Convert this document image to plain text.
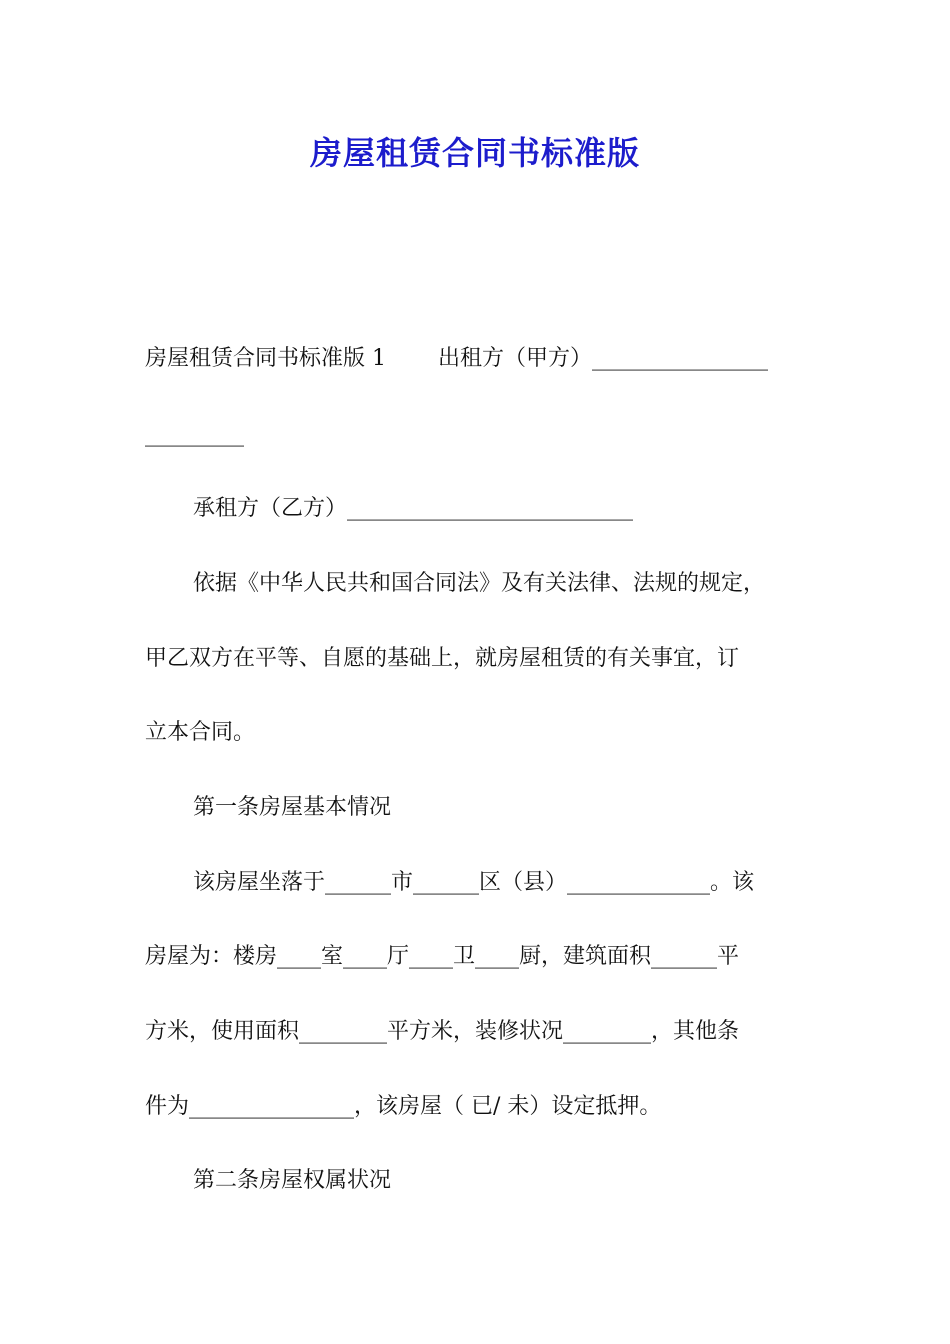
房屋租赁合同书标准版
房屋租赁合同书标准版 1 出租方（甲方）________________
_________
承租方（乙方）__________________________
依据《中华人民共和国合同法》及有关法律、法规的规定，
甲乙双方在平等、自愿的基础上，就房屋租赁的有关事宜，订
立本合同。
第一条房屋基本情况
该房屋坐落于______市______区（县）_____________。该
房屋为：楼房____室____厅____卫____厨，建筑面积______平
方米，使用面积________平方米，装修状况________，其他条
件为_______________，该房屋（ 已/ 未）设定抵押。
第二条房屋权属状况
